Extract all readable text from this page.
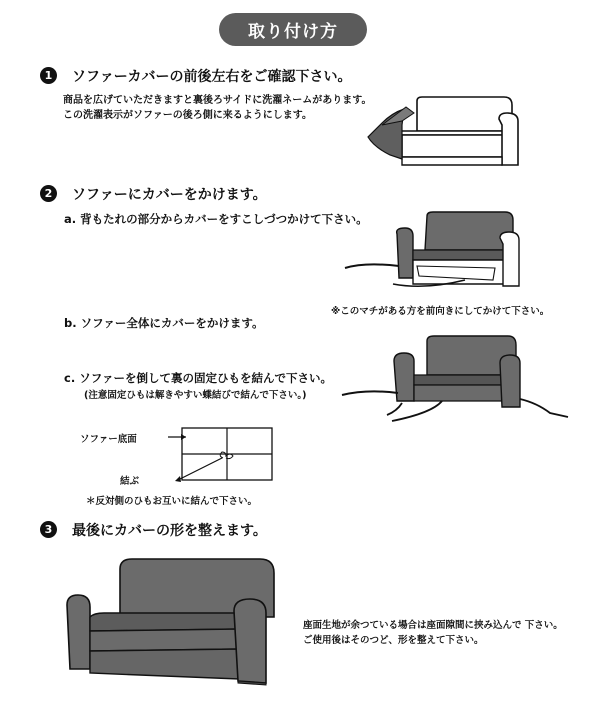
取り付け方
1	ソファーカバーの前後左右をご確認下さい。
商品を広げていただきますと裏後ろサイドに洗濯ネームがあります。
この洗濯表示がソファーの後ろ側に来るようにします。
2	ソファーにカバーをかけます。
a. 背もたれの部分からカバーをすこしづつかけて下さい。
※このマチがある方を前向きにしてかけて下さい。
b. ソファー全体にカバーをかけます。
c. ソファーを倒して裏の固定ひもを結んで下さい。
(注意固定ひもは解きやすい蝶結びで結んで下さい。)
ソファー底面
結ぶ
＊反対側のひもお互いに結んで下さい。
3	最後にカバーの形を整えます。
座面生地が余つている場合は座面隙間に挟み込んで 下さい。
ご使用後はそのつど、形を整えて下さい。
